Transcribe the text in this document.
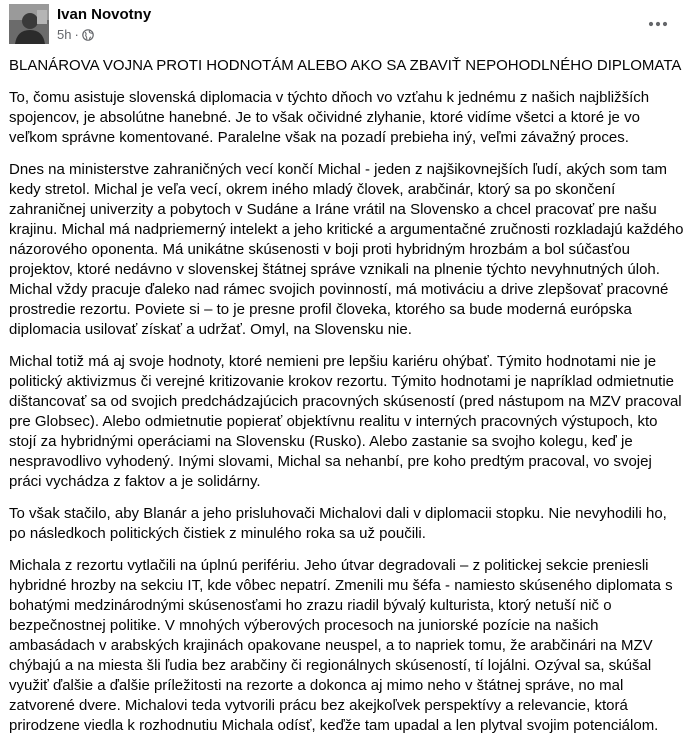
Ivan Novotny
5h ·

BLANÁROVA VOJNA PROTI HODNOTÁM ALEBO AKO SA ZBAVIŤ NEPOHODLNÉHO DIPLOMATA

To, čomu asistuje slovenská diplomacia v týchto dňoch vo vzťahu k jednému z našich najbližších spojencov, je absolútne hanebné. Je to však očividné zlyhanie, ktoré vidíme všetci a ktoré je vo veľkom správne komentované. Paralelne však na pozadí prebieha iný, veľmi závažný proces.

Dnes na ministerstve zahraničných vecí končí Michal - jeden z najšikovnejších ľudí, akých som tam kedy stretol. Michal je veľa vecí, okrem iného mladý človek, arabčinár, ktorý sa po skončení zahraničnej univerzity a pobytoch v Sudáne a Iráne vrátil na Slovensko a chcel pracovať pre našu krajinu. Michal má nadpriemerný intelekt a jeho kritické a argumentačné zručnosti rozkladajú každého názorového oponenta. Má unikátne skúsenosti v boji proti hybridným hrozbám a bol súčasťou projektov, ktoré nedávno v slovenskej štátnej správe vznikali na plnenie týchto nevyhnutných úloh. Michal vždy pracuje ďaleko nad rámec svojich povinností, má motiváciu a drive zlepšovať pracovné prostredie rezortu. Poviete si – to je presne profil človeka, ktorého sa bude moderná európska diplomacia usilovať získať a udržať. Omyl, na Slovensku nie.

Michal totiž má aj svoje hodnoty, ktoré nemieni pre lepšiu kariéru ohýbať. Týmito hodnotami nie je politický aktivizmus či verejné kritizovanie krokov rezortu. Týmito hodnotami je napríklad odmietnutie dištancovať sa od svojich predchádzajúcich pracovných skúseností (pred nástupom na MZV pracoval pre Globsec). Alebo odmietnutie popierať objektívnu realitu v interných pracovných výstupoch, kto stojí za hybridnými operáciami na Slovensku (Rusko). Alebo zastanie sa svojho kolegu, keď je nespravodlivo vyhodený. Inými slovami, Michal sa nehanbí, pre koho predtým pracoval, vo svojej práci vychádza z faktov a je solidárny.

To však stačilo, aby Blanár a jeho prisluhovači Michalovi dali v diplomacii stopku. Nie nevyhodili ho, po následkoch politických čistiek z minulého roka sa už poučili.

Michala z rezortu vytlačili na úplnú perifériu. Jeho útvar degradovali – z politickej sekcie preniesli hybridné hrozby na sekciu IT, kde vôbec nepatrí. Zmenili mu šéfa - namiesto skúseného diplomata s bohatými medzinárodnými skúsenosťami ho zrazu riadil bývalý kulturista, ktorý netuší nič o bezpečnostnej politike. V mnohých výberových procesoch na juniorské pozície na našich ambasádach v arabských krajinách opakovane neuspel, a to napriek tomu, že arabčinári na MZV chýbajú a na miesta šli ľudia bez arabčiny či regionálnych skúseností, tí lojálni. Ozýval sa, skúšal využiť ďalšie a ďalšie príležitosti na rezorte a dokonca aj mimo neho v štátnej správe, no mal zatvorené dvere. Michalovi teda vytvorili prácu bez akejkoľvek perspektívy a relevancie, ktorá prirodzene viedla k rozhodnutiu Michala odísť, keďže tam upadal a len plytval svojim potenciálom.
